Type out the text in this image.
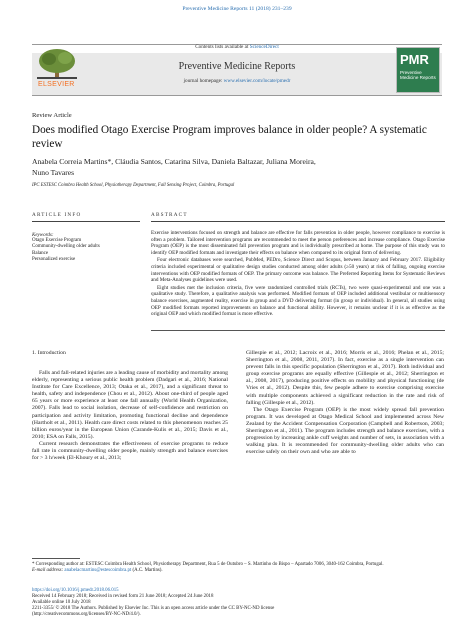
Preventive Medicine Reports 11 (2018) 231–239
Contents lists available at ScienceDirect
ELSEVIER
Preventive Medicine Reports
journal homepage: www.elsevier.com/locate/pmedr
PMR
Preventive Medicine Reports
Review Article
Does modified Otago Exercise Program improves balance in older people? A systematic review
Anabela Correia Martins*, Cláudia Santos, Catarina Silva, Daniela Baltazar, Juliana Moreira,
Nuno Tavares
IPC ESTESC Coimbra Health School, Physiotherapy Department, Fall Sensing Project, Coimbra, Portugal
ARTICLE INFO
Keywords:
Otago Exercise Program
Community-dwelling older adults
Balance
Personalized exercise
ABSTRACT

Exercise interventions focused on strength and balance are effective for falls prevention in older people, however compliance to exercise is often a problem. Tailored intervention programs are recommended to meet the person preferences and increase compliance. Otago Exercise Program (OEP) is the most disseminated fall prevention program and is individually prescribed at home. The purpose of this study was to identify OEP modified formats and investigate their effects on balance when compared to its original form of delivering.

Four electronic databases were searched, PubMed, PEDro, Science Direct and Scopus, between January and February 2017. Eligibility criteria included experimental or qualitative design studies conducted among older adults (≥50 years) at risk of falling, ongoing exercise interventions with OEP modified formats of OEP. The primary outcome was balance. The Preferred Reporting Items for Systematic Reviews and Meta-Analyses guidelines were used.

Eight studies met the inclusion criteria, five were randomized controlled trials (RCTs), two were quasi-experimental and one was a qualitative study. Therefore, a qualitative analysis was performed. Modified formats of OEP included additional vestibular or multisensory balance exercises, augmented reality, exercise in group and a DVD delivering format (in group or individual). In general, all studies using OEP modified formats reported improvements on balance and functional ability. However, it remains unclear if it is as effective as the original OEP and which modified format is more effective.

1. Introduction

Falls and fall-related injuries are a leading cause of morbidity and mortality among elderly, representing a serious public health problem (Dadgari et al., 2016; National Institute for Care Excellence, 2013; Otaka et al., 2017), and a significant threat to health, safety and independence (Chou et al., 2012). About one-third of people aged 65 years or more experience at least one fall annually (World Health Organization, 2007). Falls lead to social isolation, decrease of self-confidence and restriction on participation and activity limitation, promoting functional decline and dependence (Hartholt et al., 2011). Health care direct costs related to this phenomenon reaches 25 billion euros/year in the European Union (Carande-Kulis et al., 2015; Davis et al., 2010; ESA on Falls, 2015).

Current research demonstrates the effectiveness of exercise programs to reduce fall rate in community-dwelling older people, mainly strength and balance exercises for > 3 h/week (El-Khoury et al., 2013;

Gillespie et al., 2012; Lacroix et al., 2016; Morris et al., 2016; Phelan et al., 2015; Sherrington et al., 2008, 2011, 2017). In fact, exercise as a single intervention can prevent falls in this specific population (Sherrington et al., 2017). Both individual and group exercise programs are equally effective (Gillespie et al., 2012; Sherrington et al., 2008, 2017), producing positive effects on mobility and physical functioning (de Vries et al., 2012). Despite this, few people adhere to exercise comprising exercise with multiple components achieved a significant reduction in the rate and risk of falling (Gillespie et al., 2012).

The Otago Exercise Program (OEP) is the most widely spread fall prevention program. It was developed at Otago Medical School and implemented across New Zealand by the Accident Compensation Corporation (Campbell and Robertson, 2003; Sherrington et al., 2011). The program includes strength and balance exercises, with a progression by increasing ankle cuff weights and number of sets, in association with a walking plan. It is recommended for community-dwelling older adults who can exercise safely on their own and who are able to

* Corresponding author at: ESTESC Coimbra Health School, Physiotherapy Department, Rua 5 de Outubro – S. Martinho do Bispo – Apartado 7006, 3040-162 Coimbra, Portugal.

E-mail address: anabelacmartins@estescoimbra.pt (A.C. Martins).

https://doi.org/10.1016/j.pmedr.2018.06.015

Received 14 February 2018; Received in revised form 21 June 2018; Accepted 24 June 2018

Available online 10 July 2018

2211-3355/ © 2018 The Authors. Published by Elsevier Inc. This is an open access article under the CC BY-NC-ND license

(http://creativecommons.org/licenses/BY-NC-ND/4.0/).
